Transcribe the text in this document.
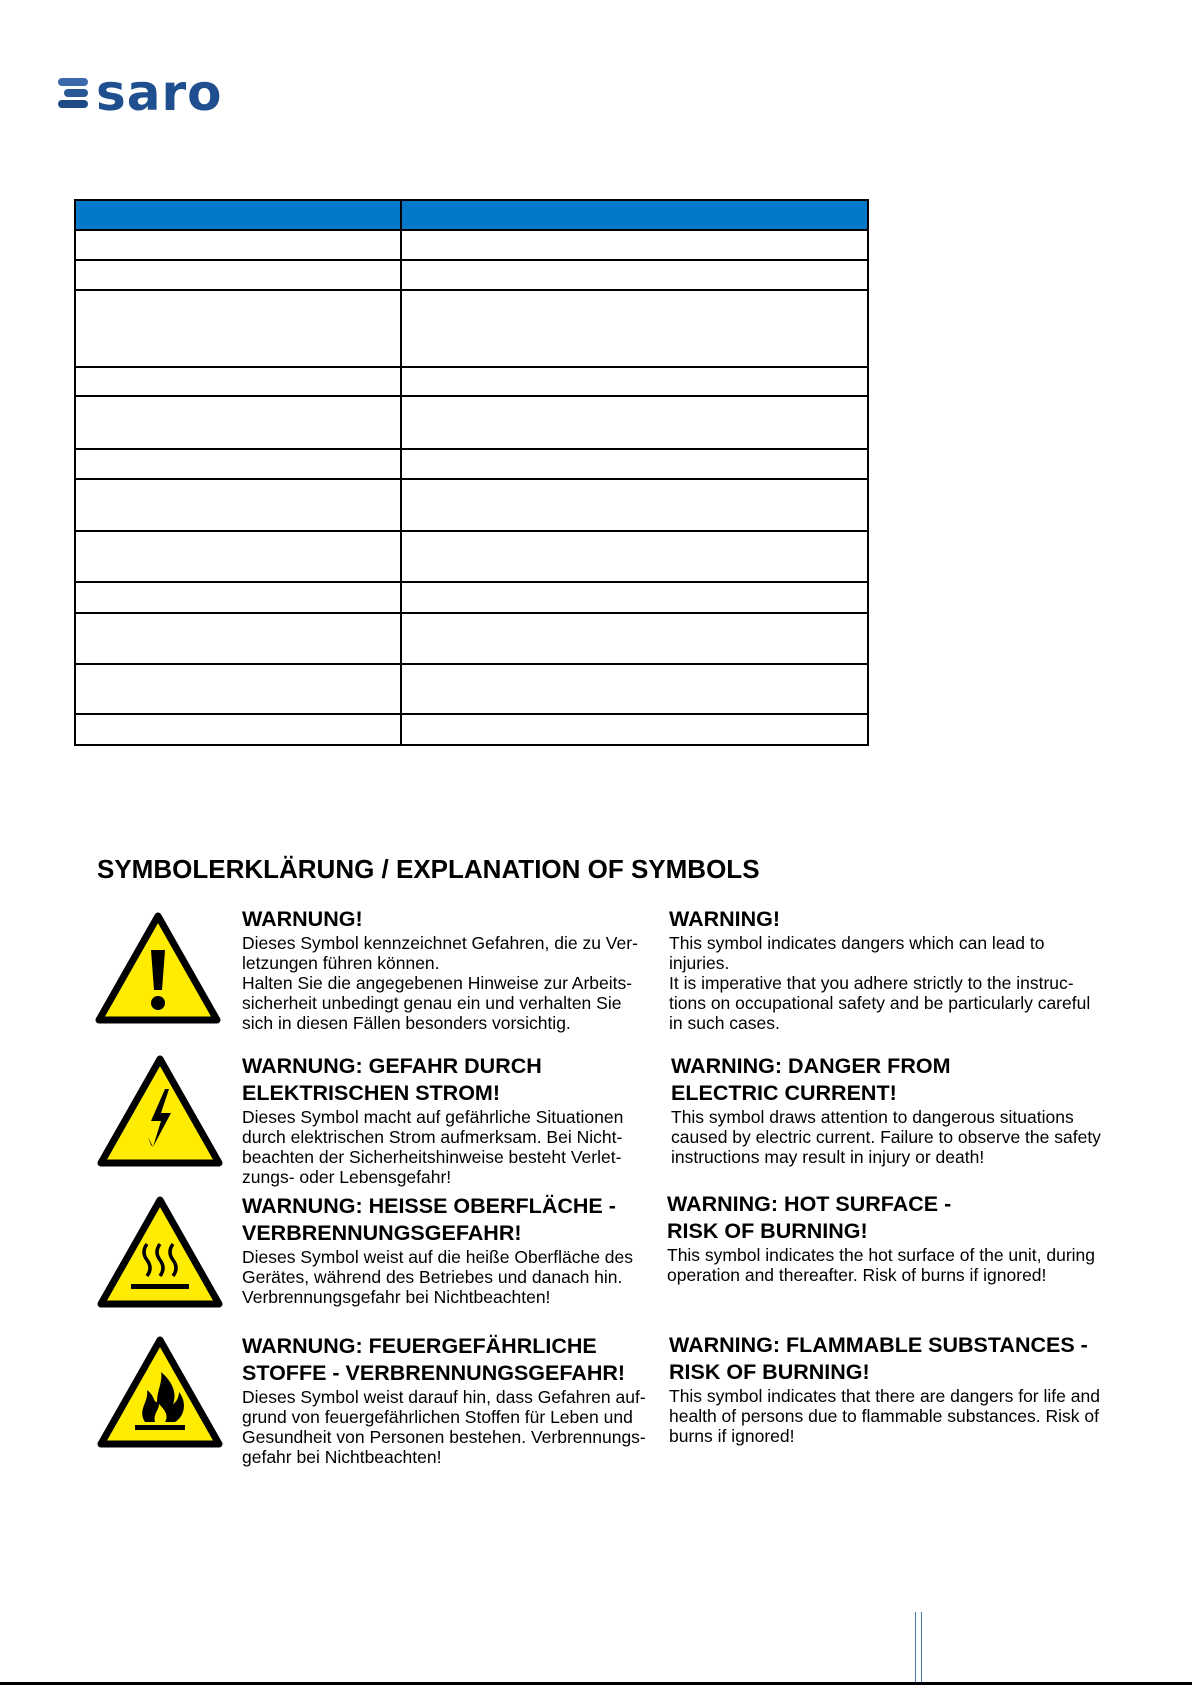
saro

SYMBOLERKLÄRUNG / EXPLANATION OF SYMBOLS
WARNUNG!

Dieses Symbol kennzeichnet Gefahren, die zu Ver-
letzungen führen können.
Halten Sie die angegebenen Hinweise zur Arbeits-
sicherheit unbedingt genau ein und verhalten Sie
sich in diesen Fällen besonders vorsichtig.

WARNUNG: GEFAHR DURCH
ELEKTRISCHEN STROM!

Dieses Symbol macht auf gefährliche Situationen
durch elektrischen Strom aufmerksam. Bei Nicht-
beachten der Sicherheitshinweise besteht Verlet-
zungs- oder Lebensgefahr!

WARNUNG: HEISSE OBERFLÄCHE -
VERBRENNUNGSGEFAHR!

Dieses Symbol weist auf die heiße Oberfläche des
Gerätes, während des Betriebes und danach hin.
Verbrennungsgefahr bei Nichtbeachten!

WARNUNG: FEUERGEFÄHRLICHE
STOFFE - VERBRENNUNGSGEFAHR!

Dieses Symbol weist darauf hin, dass Gefahren auf-
grund von feuergefährlichen Stoffen für Leben und
Gesundheit von Personen bestehen. Verbrennungs-
gefahr bei Nichtbeachten!

WARNING!

This symbol indicates dangers which can lead to
injuries.
It is imperative that you adhere strictly to the instruc-
tions on occupational safety and be particularly careful
in such cases.

WARNING: DANGER FROM
ELECTRIC CURRENT!

This symbol draws attention to dangerous situations
caused by electric current. Failure to observe the safety
instructions may result in injury or death!

WARNING: HOT SURFACE -
RISK OF BURNING!

This symbol indicates the hot surface of the unit, during
operation and thereafter. Risk of burns if ignored!

WARNING: FLAMMABLE SUBSTANCES -
RISK OF BURNING!

This symbol indicates that there are dangers for life and
health of persons due to flammable substances. Risk of
burns if ignored!
